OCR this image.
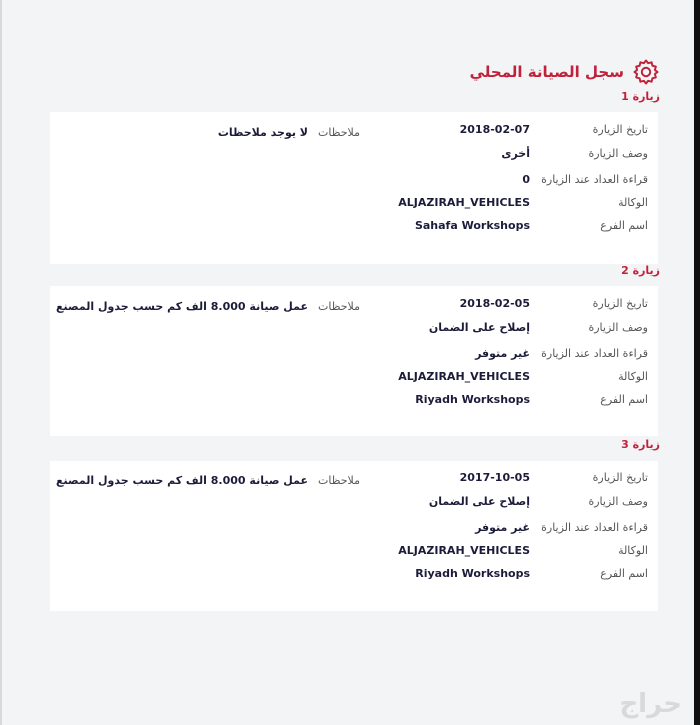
سجل الصيانة المحلي
زيارة 1
تاريخ الزيارة
2018-02-07
وصف الزيارة
أخرى
قراءة العداد عند الزيارة
0
الوكالة
ALJAZIRAH_VEHICLES
اسم الفرع
Sahafa Workshops
ملاحظات
لا يوجد ملاحظات
زيارة 2
تاريخ الزيارة
2018-02-05
وصف الزيارة
إصلاح على الضمان
قراءة العداد عند الزيارة
غير متوفر
الوكالة
ALJAZIRAH_VEHICLES
اسم الفرع
Riyadh Workshops
ملاحظات
عمل صيانة 8.000 الف كم حسب جدول المصنع
زيارة 3
تاريخ الزيارة
2017-10-05
وصف الزيارة
إصلاح على الضمان
قراءة العداد عند الزيارة
غير متوفر
الوكالة
ALJAZIRAH_VEHICLES
اسم الفرع
Riyadh Workshops
ملاحظات
عمل صيانة 8.000 الف كم حسب جدول المصنع
حراج
